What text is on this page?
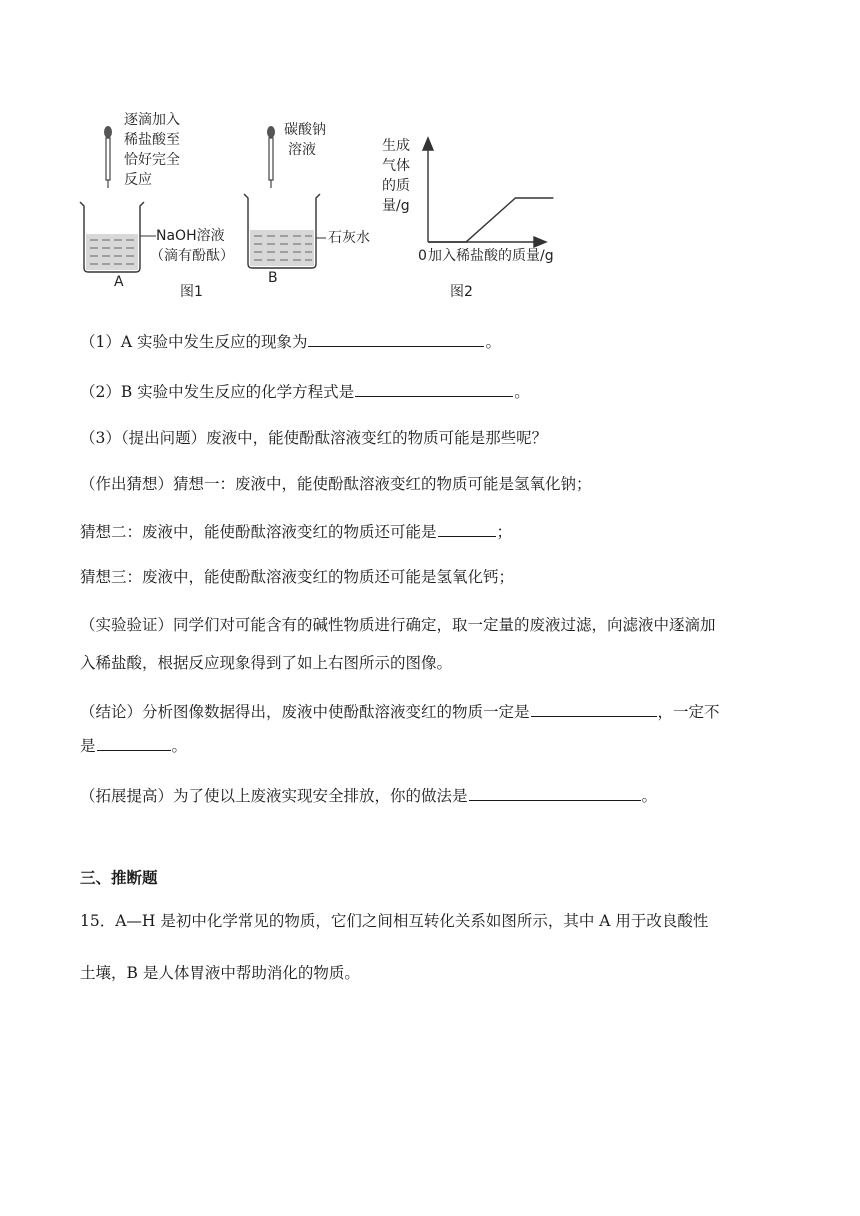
逐滴加入
稀盐酸至
恰好完全
反应
NaOH溶液
（滴有酚酞）
A
图1
碳酸钠
溶液
石灰水
B
生成
气体
的质
量/g
0 加入稀盐酸的质量/g
图2
（1）A 实验中发生反应的现象为	。
（2）B 实验中发生反应的化学方程式是	。
（3）（提出问题）废液中，能使酚酞溶液变红的物质可能是那些呢？
（作出猜想）猜想一：废液中，能使酚酞溶液变红的物质可能是氢氧化钠；
猜想二：废液中，能使酚酞溶液变红的物质还可能是	；
猜想三：废液中，能使酚酞溶液变红的物质还可能是氢氧化钙；
（实验验证）同学们对可能含有的碱性物质进行确定，取一定量的废液过滤，向滤液中逐滴加
入稀盐酸，根据反应现象得到了如上右图所示的图像。
（结论）分析图像数据得出，废液中使酚酞溶液变红的物质一定是	，一定不
是	。
（拓展提高）为了使以上废液实现安全排放，你的做法是	。
三、推断题
15．A—H 是初中化学常见的物质，它们之间相互转化关系如图所示，其中 A 用于改良酸性
土壤，B 是人体胃液中帮助消化的物质。
